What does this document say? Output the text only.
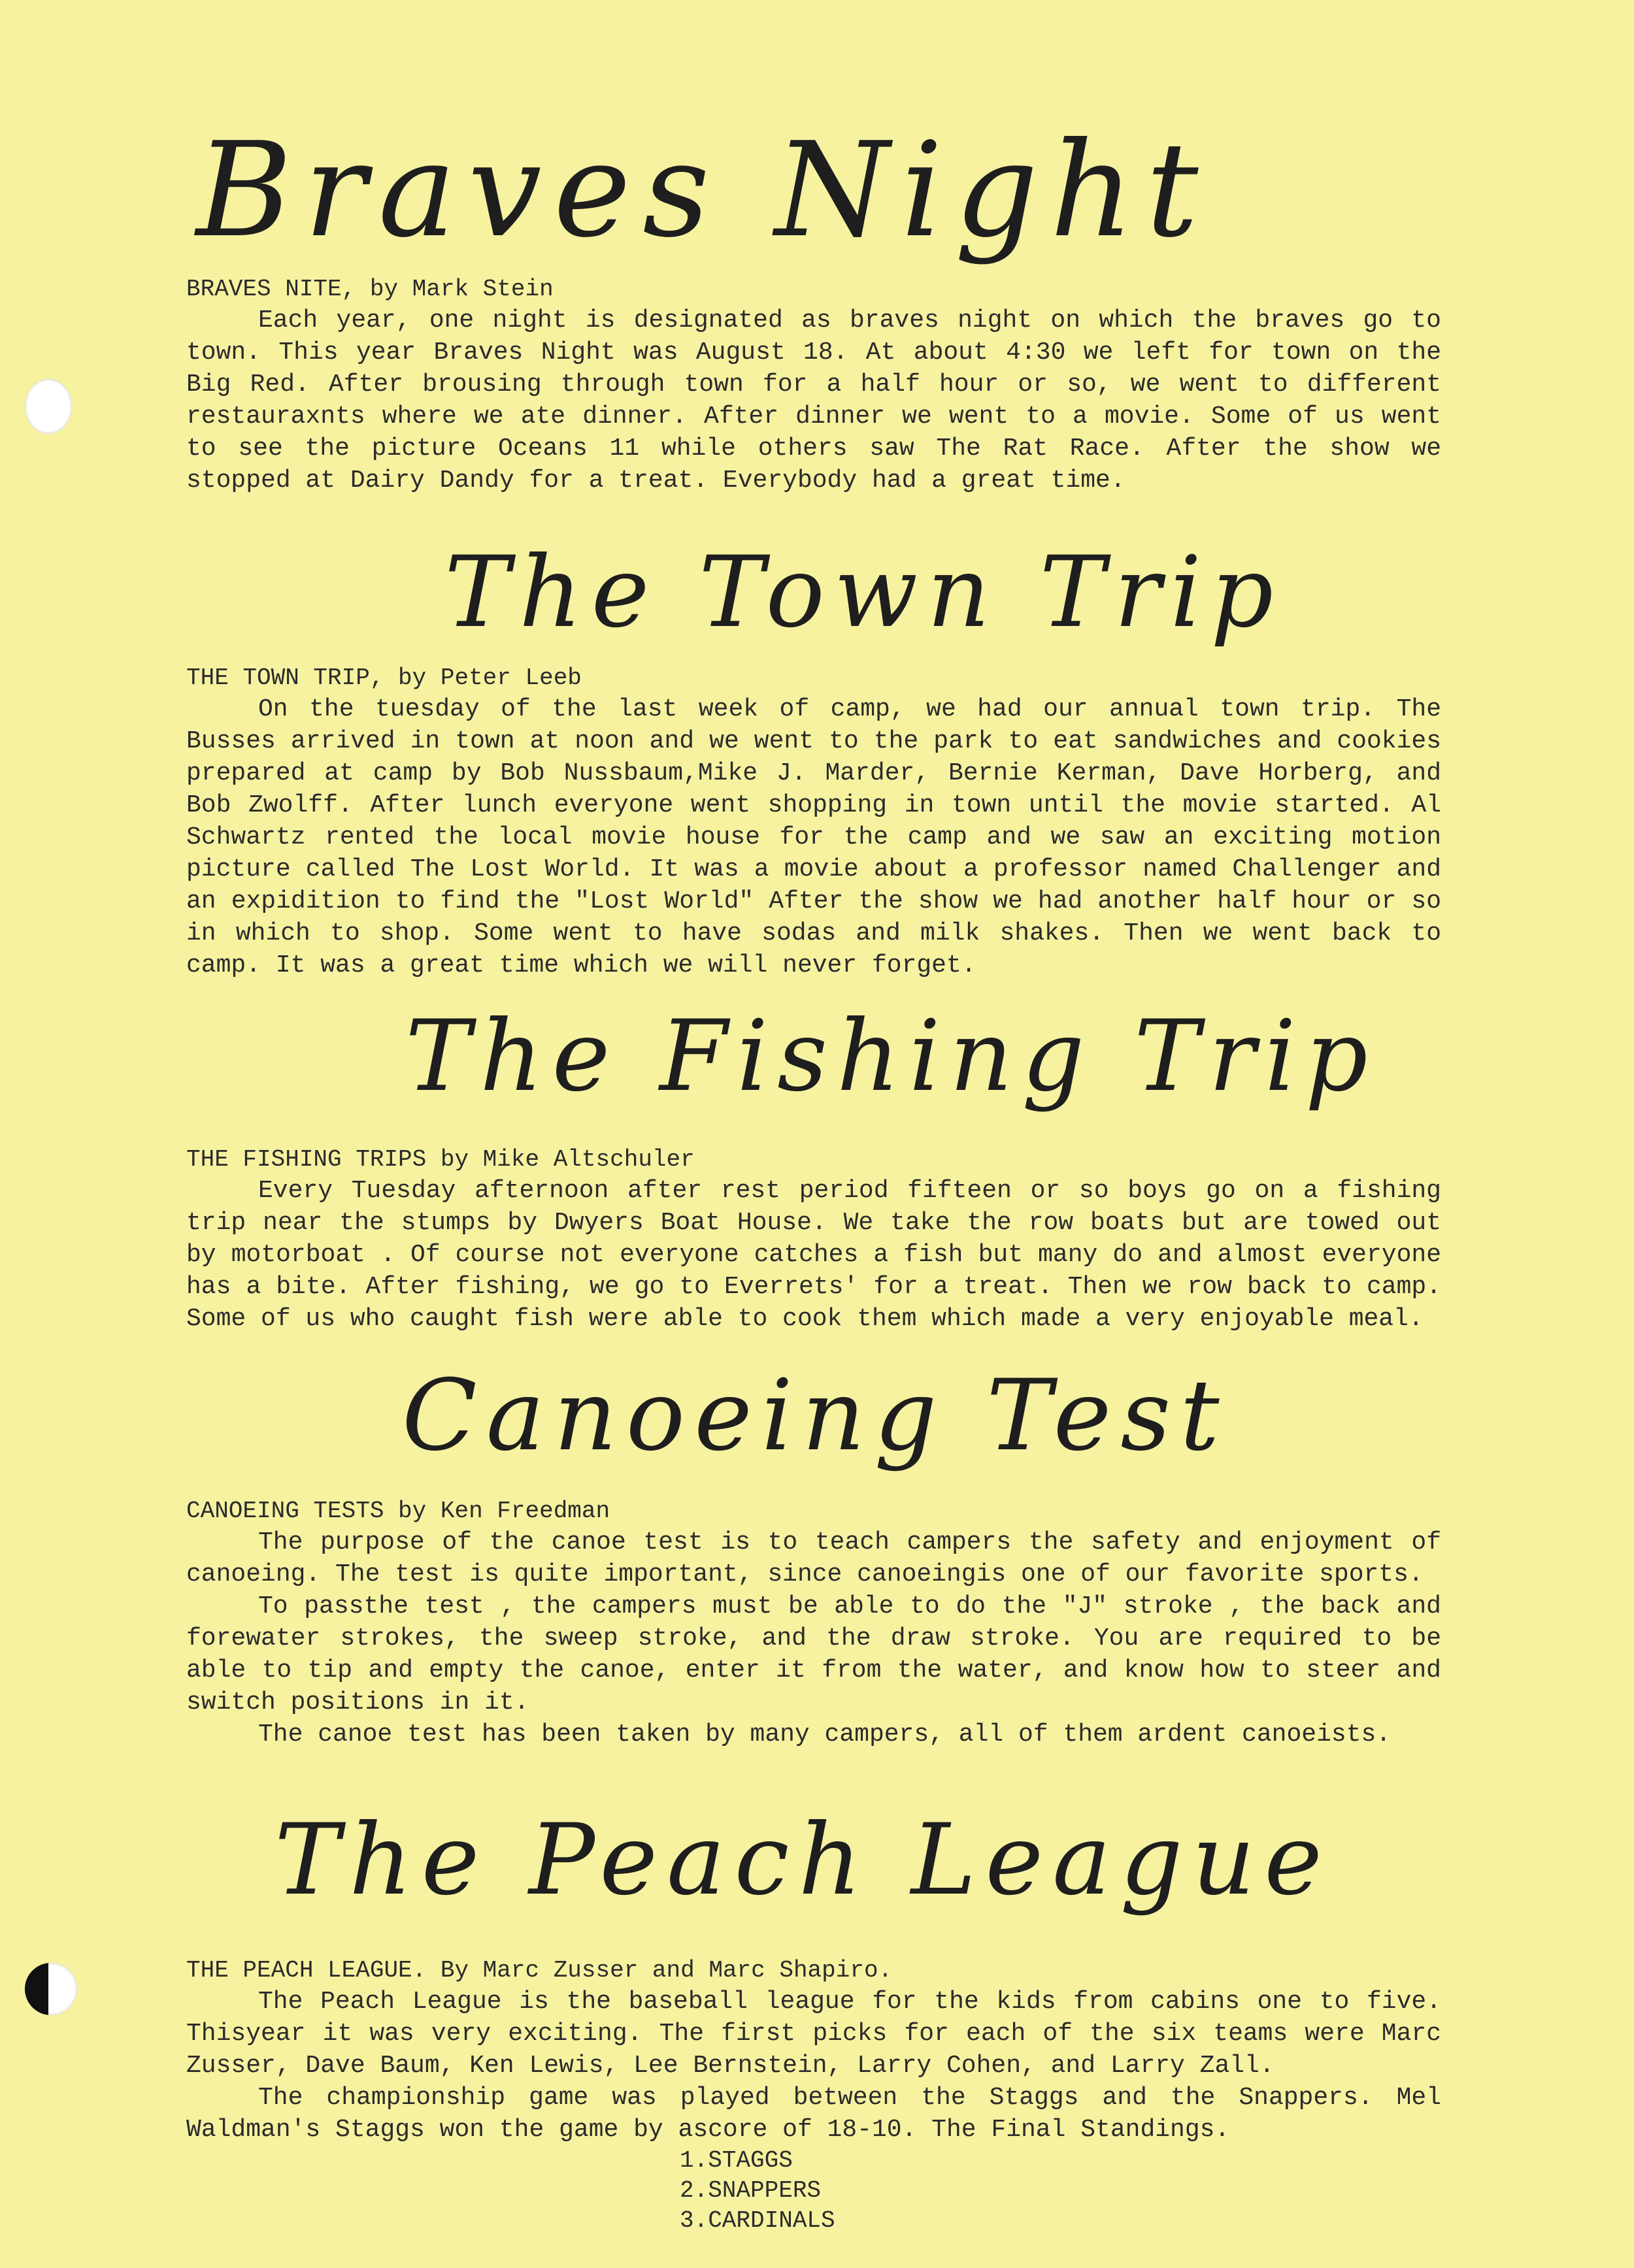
Braves Night

BRAVES NITE, by Mark Stein

Each year, one night is designated as braves night on which the braves go to town. This year Braves Night was August 18. At about 4:30 we left for town on the Big Red. After brousing through town for a half hour or so, we went to different restauraxnts where we ate dinner. After dinner we went to a movie. Some of us went to see the picture Oceans 11 while others saw The Rat Race. After the show we stopped at Dairy Dandy for a treat. Everybody had a great time.

The Town Trip

THE TOWN TRIP, by Peter Leeb

On the tuesday of the last week of camp, we had our annual town trip. The Busses arrived in town at noon and we went to the park to eat sandwiches and cookies prepared at camp by Bob Nussbaum,Mike J. Marder, Bernie Kerman, Dave Horberg, and Bob Zwolff. After lunch everyone went shopping in town until the movie started. Al Schwartz rented the local movie house for the camp and we saw an exciting motion picture called The Lost World. It was a movie about a professor named Challenger and an expidition to find the "Lost World" After the show we had another half hour or so in which to shop. Some went to have sodas and milk shakes. Then we went back to camp. It was a great time which we will never forget.

The Fishing Trip

THE FISHING TRIPS by Mike Altschuler

Every Tuesday afternoon after rest period fifteen or so boys go on a fishing trip near the stumps by Dwyers Boat House. We take the row boats but are towed out by motorboat . Of course not everyone catches a fish but many do and almost everyone has a bite. After fishing, we go to Everrets' for a treat. Then we row back to camp. Some of us who caught fish were able to cook them which made a very enjoyable meal.

Canoeing Test

CANOEING TESTS by Ken Freedman

The purpose of the canoe test is to teach campers the safety and enjoyment of canoeing. The test is quite important, since canoeingis one of our favorite sports.

To passthe test , the campers must be able to do the "J" stroke , the back and forewater strokes, the sweep stroke, and the draw stroke. You are required to be able to tip and empty the canoe, enter it from the water, and know how to steer and switch positions in it.

The canoe test has been taken by many campers, all of them ardent canoeists.

The Peach League

THE PEACH LEAGUE. By Marc Zusser and Marc Shapiro.

The Peach League is the baseball league for the kids from cabins one to five. Thisyear it was very exciting. The first picks for each of the six teams were Marc Zusser, Dave Baum, Ken Lewis, Lee Bernstein, Larry Cohen, and Larry Zall.

The championship game was played between the Staggs and the Snappers. Mel Waldman's Staggs won the game by ascore of 18-10. The Final Standings.

1.STAGGS
2.SNAPPERS
3.CARDINALS
